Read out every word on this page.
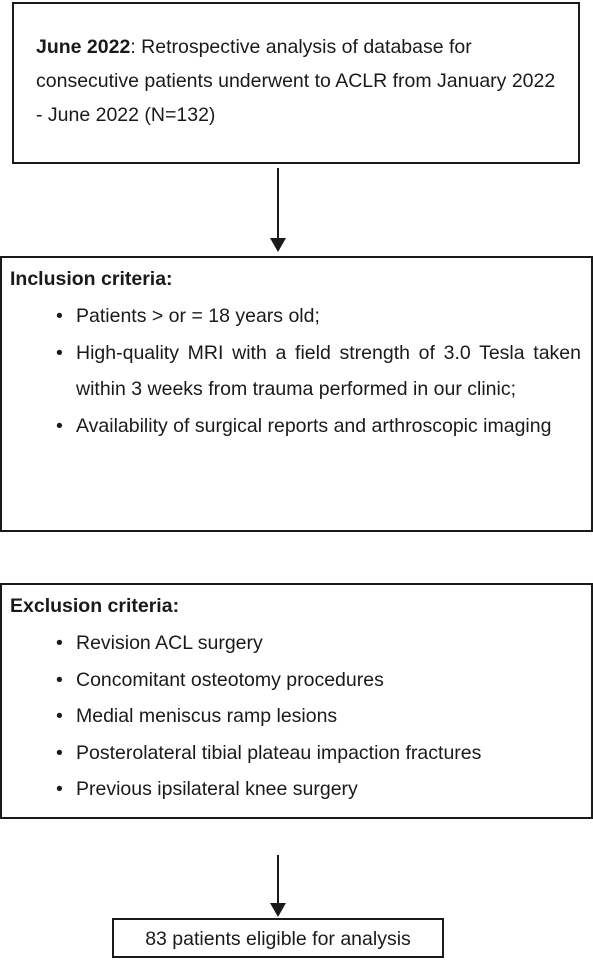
June 2022: Retrospective analysis of database for consecutive patients underwent to ACLR from January 2022 - June 2022 (N=132)
Inclusion criteria:
• Patients > or = 18 years old;
• High-quality MRI with a field strength of 3.0 Tesla taken within 3 weeks from trauma performed in our clinic;
• Availability of surgical reports and arthroscopic imaging
Exclusion criteria:
• Revision ACL surgery
• Concomitant osteotomy procedures
• Medial meniscus ramp lesions
• Posterolateral tibial plateau impaction fractures
• Previous ipsilateral knee surgery
83 patients eligible for analysis
